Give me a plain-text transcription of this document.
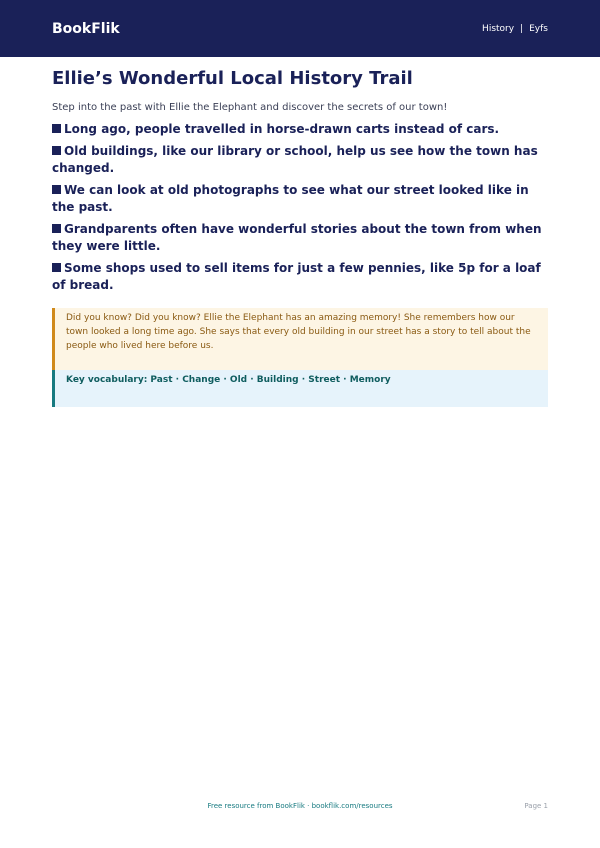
BookFlik	History | Eyfs
Ellie’s Wonderful Local History Trail

Step into the past with Ellie the Elephant and discover the secrets of our town!

Long ago, people travelled in horse-drawn carts instead of cars.
Old buildings, like our library or school, help us see how the town has changed.
We can look at old photographs to see what our street looked like in the past.
Grandparents often have wonderful stories about the town from when they were little.
Some shops used to sell items for just a few pennies, like 5p for a loaf of bread.
Did you know? Did you know? Ellie the Elephant has an amazing memory! She remembers how our town looked a long time ago. She says that every old building in our street has a story to tell about the people who lived here before us.
Key vocabulary: Past · Change · Old · Building · Street · Memory
Free resource from BookFlik · bookflik.com/resources	Page 1
